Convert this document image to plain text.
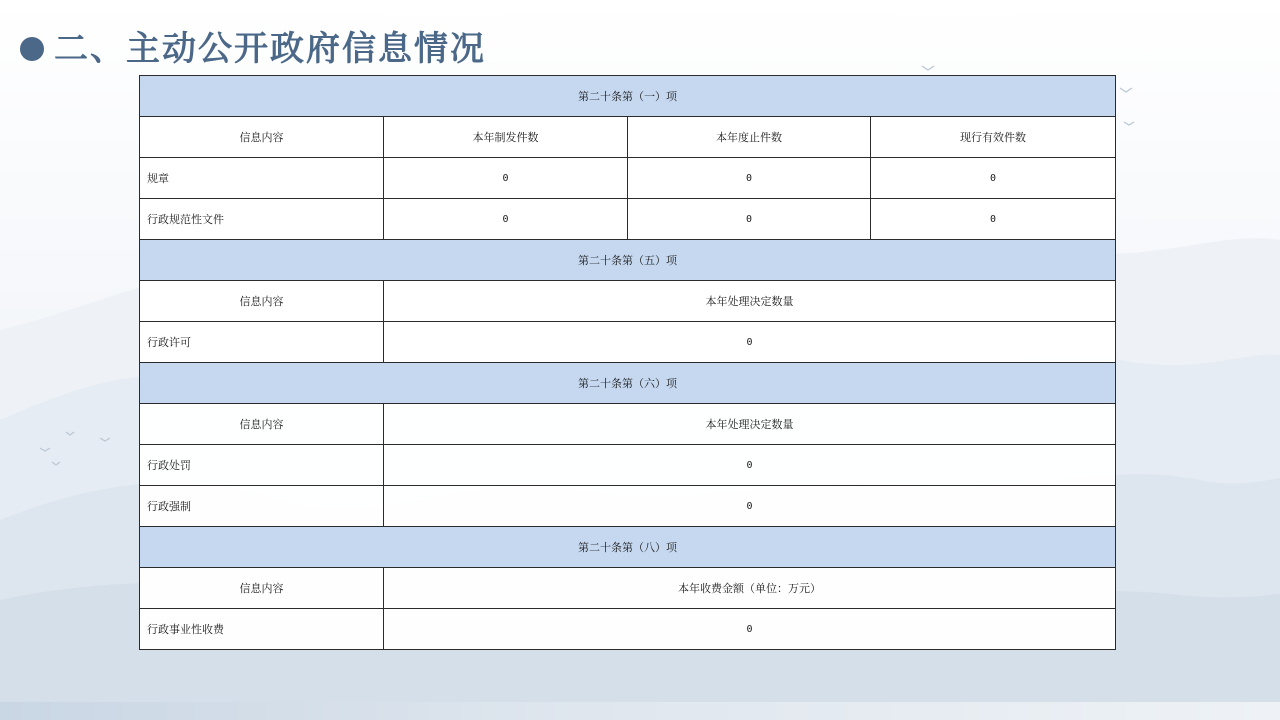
二、主动公开政府信息情况
第二十条第（一）项			
信息内容	本年制发件数	本年度止件数	现行有效件数
规章	0	0	0
行政规范性文件	0	0	0
第二十条第（五）项			
信息内容	本年处理决定数量		
行政许可	0		
第二十条第（六）项			
信息内容	本年处理决定数量		
行政处罚	0		
行政强制	0		
第二十条第（八）项			
信息内容	本年收费金额（单位：万元）		
行政事业性收费	0		
